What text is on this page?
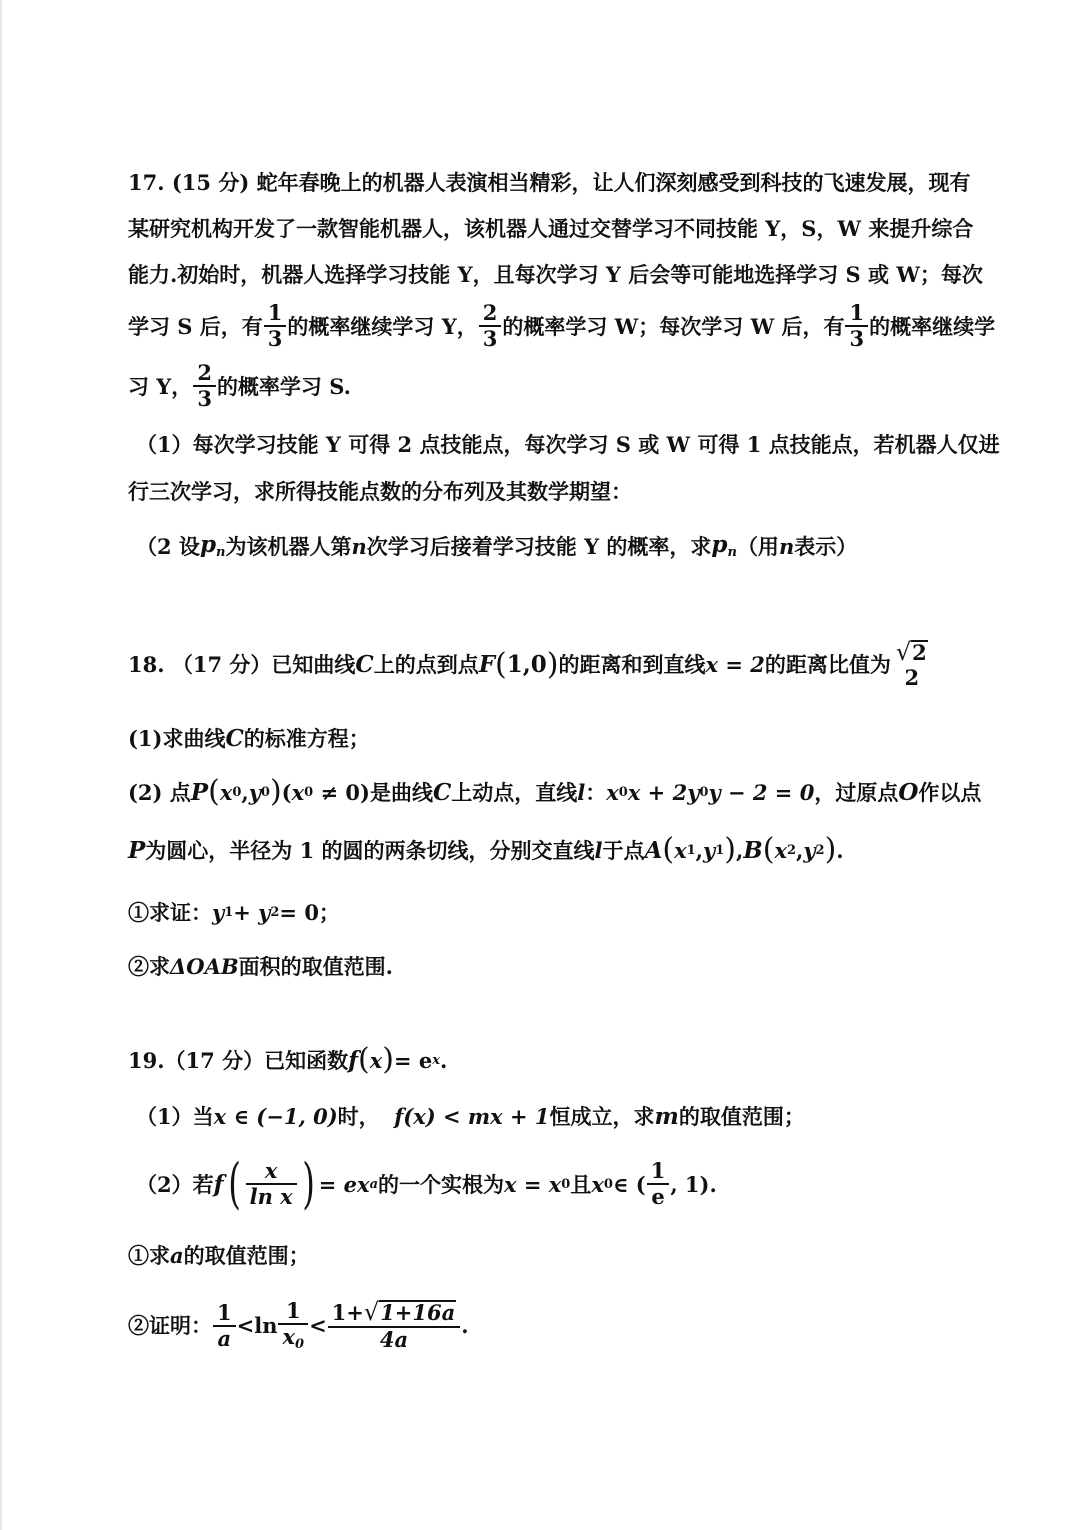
17. (15 分) 蛇年春晚上的机器人表演相当精彩，让人们深刻感受到科技的飞速发展，现有
某研究机构开发了一款智能机器人，该机器人通过交替学习不同技能 Y，S，W 来提升综合
能力.初始时，机器人选择学习技能 Y，且每次学习 Y 后会等可能地选择学习 S 或 W；每次
学习 S 后，有 $\frac{1}{3}$ 的概率继续学习 Y， $\frac{2}{3}$ 的概率学习 W；每次学习 W 后，有 $\frac{1}{3}$ 的概率继续学
习 Y， $\frac{2}{3}$ 的概率学习 S.
（1）每次学习技能 Y 可得 2 点技能点，每次学习 S 或 W 可得 1 点技能点，若机器人仅进
行三次学习，求所得技能点数的分布列及其数学期望：
（2 设 $p_n$ 为该机器人第 n 次学习后接着学习技能 Y 的概率，求 $p_n$ （用 n 表示）
18. （17 分）已知曲线 C 上的点到点 F ( 1,0 ) 的距离和到直线 x = 2 的距离比值为 √ 2
2
(1)求曲线 C 的标准方程；
(2) 点 P ( x 0 , y 0 ) ( x 0
≠ 0 ) 是曲线 C 上动点，直线 l ： x 0 x + 2 y 0 y − 2 = 0 ，过原点 O 作以点
P 为圆心，半径为 1 的圆的两条切线，分别交直线 l 于点 A ( x 1 , y 1 ) , B ( x 2 , y 2 ) .
①求证： y 1 + y 2 = 0；
②求 ΔOAB 面积的取值范围.
19.（17 分）已知函数 f ( x ) = e x .
（1）当 x ∈ (−1, 0) 时，
f(x) < mx + 1 恒成立，求 m 的取值范围；
（2）若 f ( $\frac{x}{\text{ln x}}$ ) = ex a 的一个实根为 x = x 0 且 x 0 ∈ ( $\frac{1}{e}$ , 1).
①求 a 的取值范围；
②证明： $\frac{1}{a} < \ln \frac{1}{x_0} < \frac{1+ √ 1+16a}{4a}$ .
